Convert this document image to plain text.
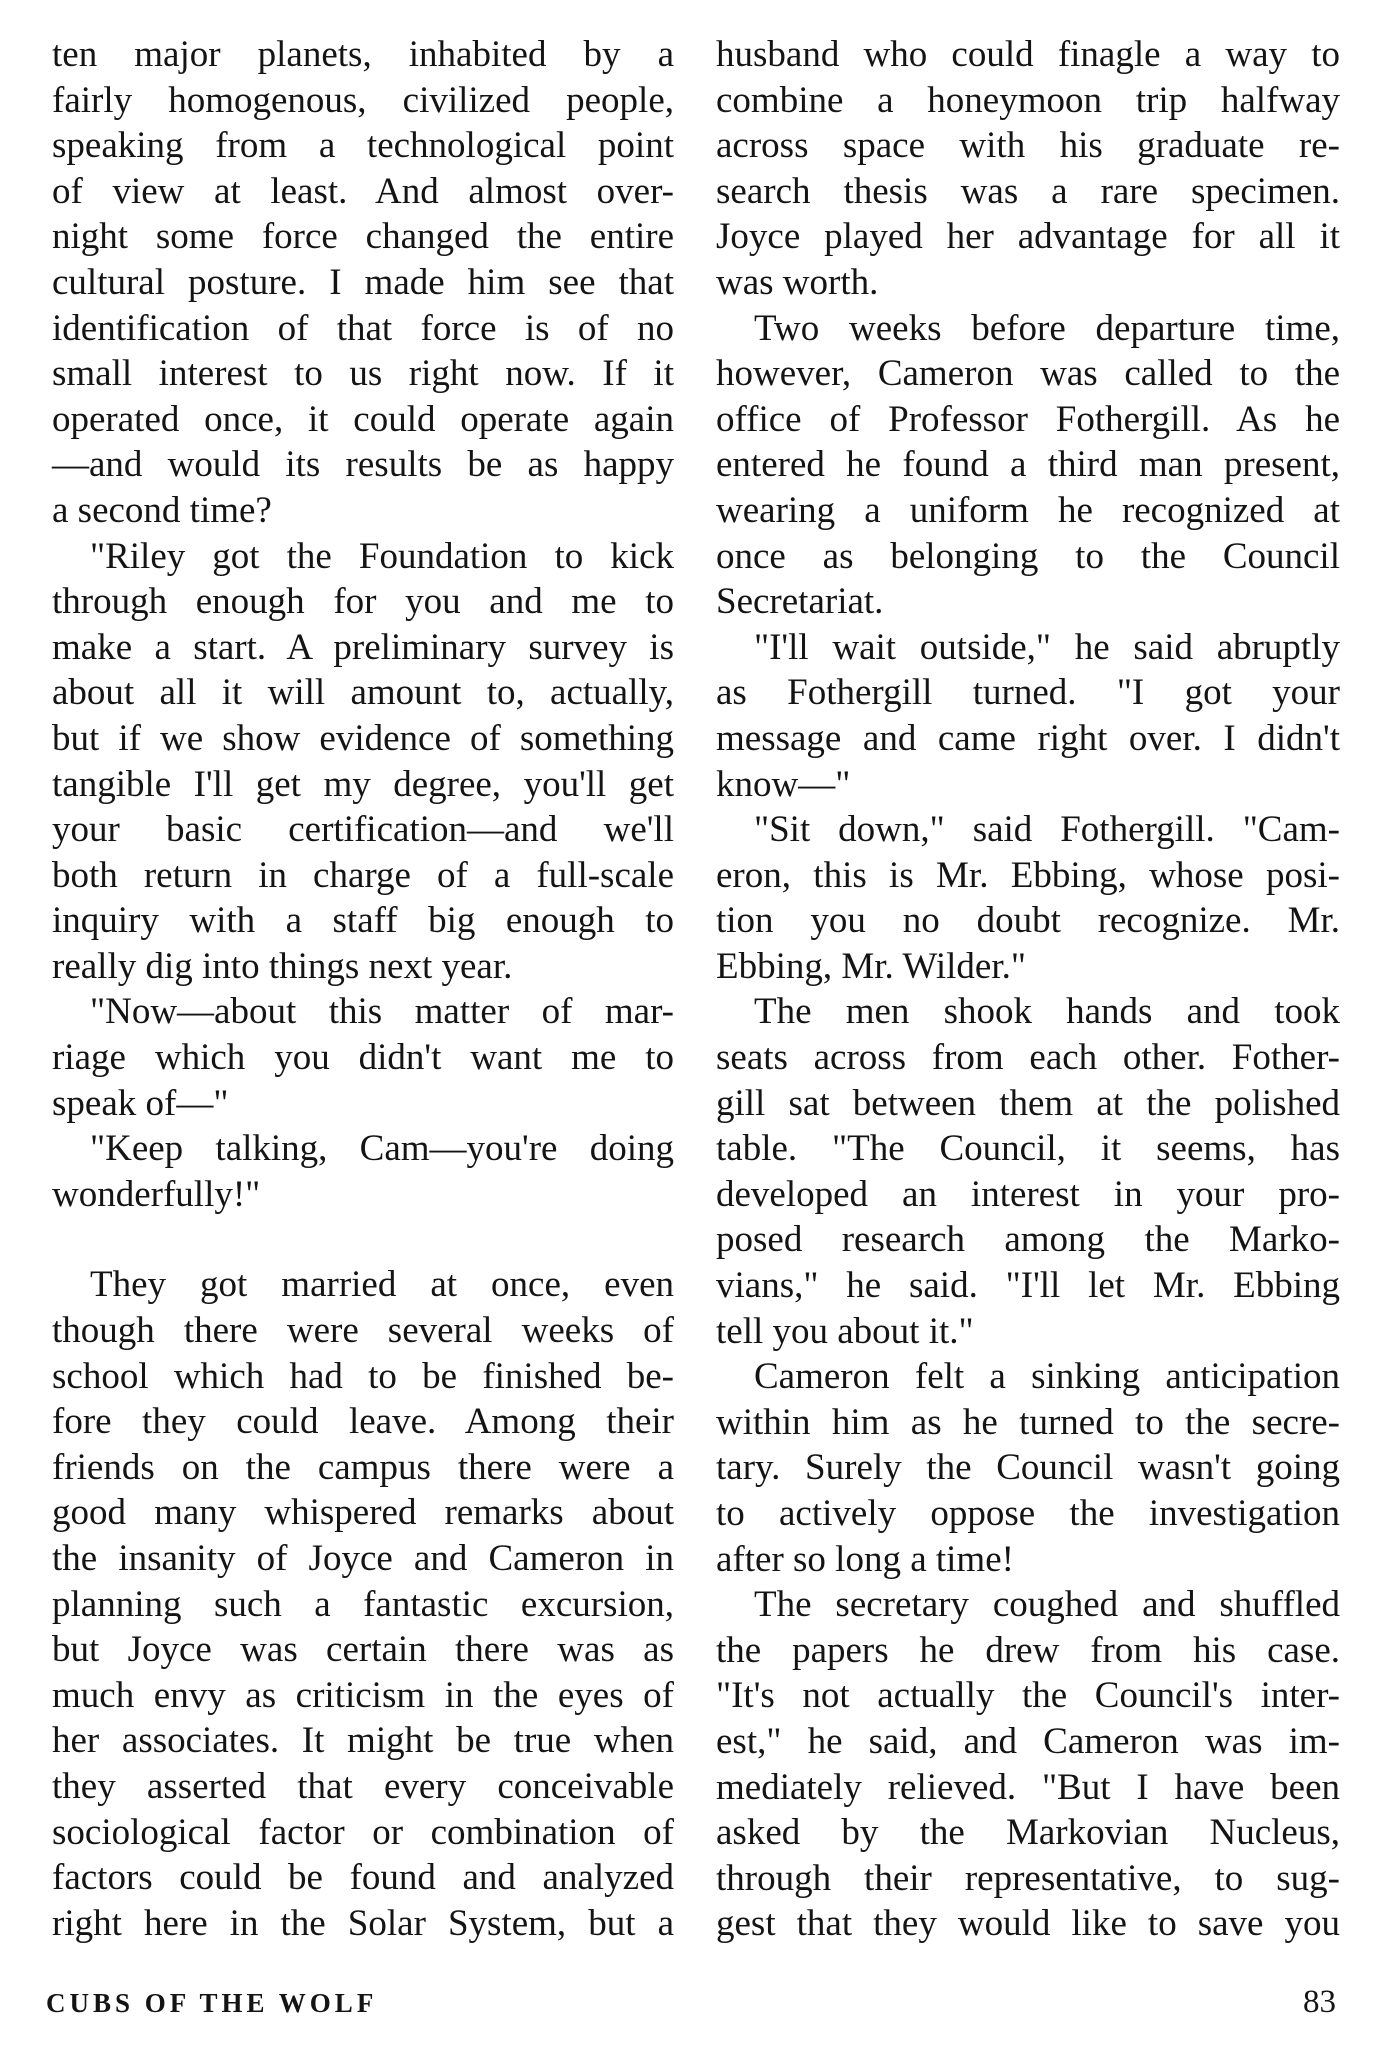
ten major planets, inhabited by a
fairly homogenous, civilized people,
speaking from a technological point
of view at least. And almost over-
night some force changed the entire
cultural posture. I made him see that
identification of that force is of no
small interest to us right now. If it
operated once, it could operate again
—and would its results be as happy
a second time?
"Riley got the Foundation to kick
through enough for you and me to
make a start. A preliminary survey is
about all it will amount to, actually,
but if we show evidence of something
tangible I'll get my degree, you'll get
your basic certification—and we'll
both return in charge of a full-scale
inquiry with a staff big enough to
really dig into things next year.
"Now—about this matter of mar-
riage which you didn't want me to
speak of—"
"Keep talking, Cam—you're doing
wonderfully!"
They got married at once, even
though there were several weeks of
school which had to be finished be-
fore they could leave. Among their
friends on the campus there were a
good many whispered remarks about
the insanity of Joyce and Cameron in
planning such a fantastic excursion,
but Joyce was certain there was as
much envy as criticism in the eyes of
her associates. It might be true when
they asserted that every conceivable
sociological factor or combination of
factors could be found and analyzed
right here in the Solar System, but a
husband who could finagle a way to
combine a honeymoon trip halfway
across space with his graduate re-
search thesis was a rare specimen.
Joyce played her advantage for all it
was worth.
Two weeks before departure time,
however, Cameron was called to the
office of Professor Fothergill. As he
entered he found a third man present,
wearing a uniform he recognized at
once as belonging to the Council
Secretariat.
"I'll wait outside," he said abruptly
as Fothergill turned. "I got your
message and came right over. I didn't
know—"
"Sit down," said Fothergill. "Cam-
eron, this is Mr. Ebbing, whose posi-
tion you no doubt recognize. Mr.
Ebbing, Mr. Wilder."
The men shook hands and took
seats across from each other. Fother-
gill sat between them at the polished
table. "The Council, it seems, has
developed an interest in your pro-
posed research among the Marko-
vians," he said. "I'll let Mr. Ebbing
tell you about it."
Cameron felt a sinking anticipation
within him as he turned to the secre-
tary. Surely the Council wasn't going
to actively oppose the investigation
after so long a time!
The secretary coughed and shuffled
the papers he drew from his case.
"It's not actually the Council's inter-
est," he said, and Cameron was im-
mediately relieved. "But I have been
asked by the Markovian Nucleus,
through their representative, to sug-
gest that they would like to save you
CUBS OF THE WOLF	83
